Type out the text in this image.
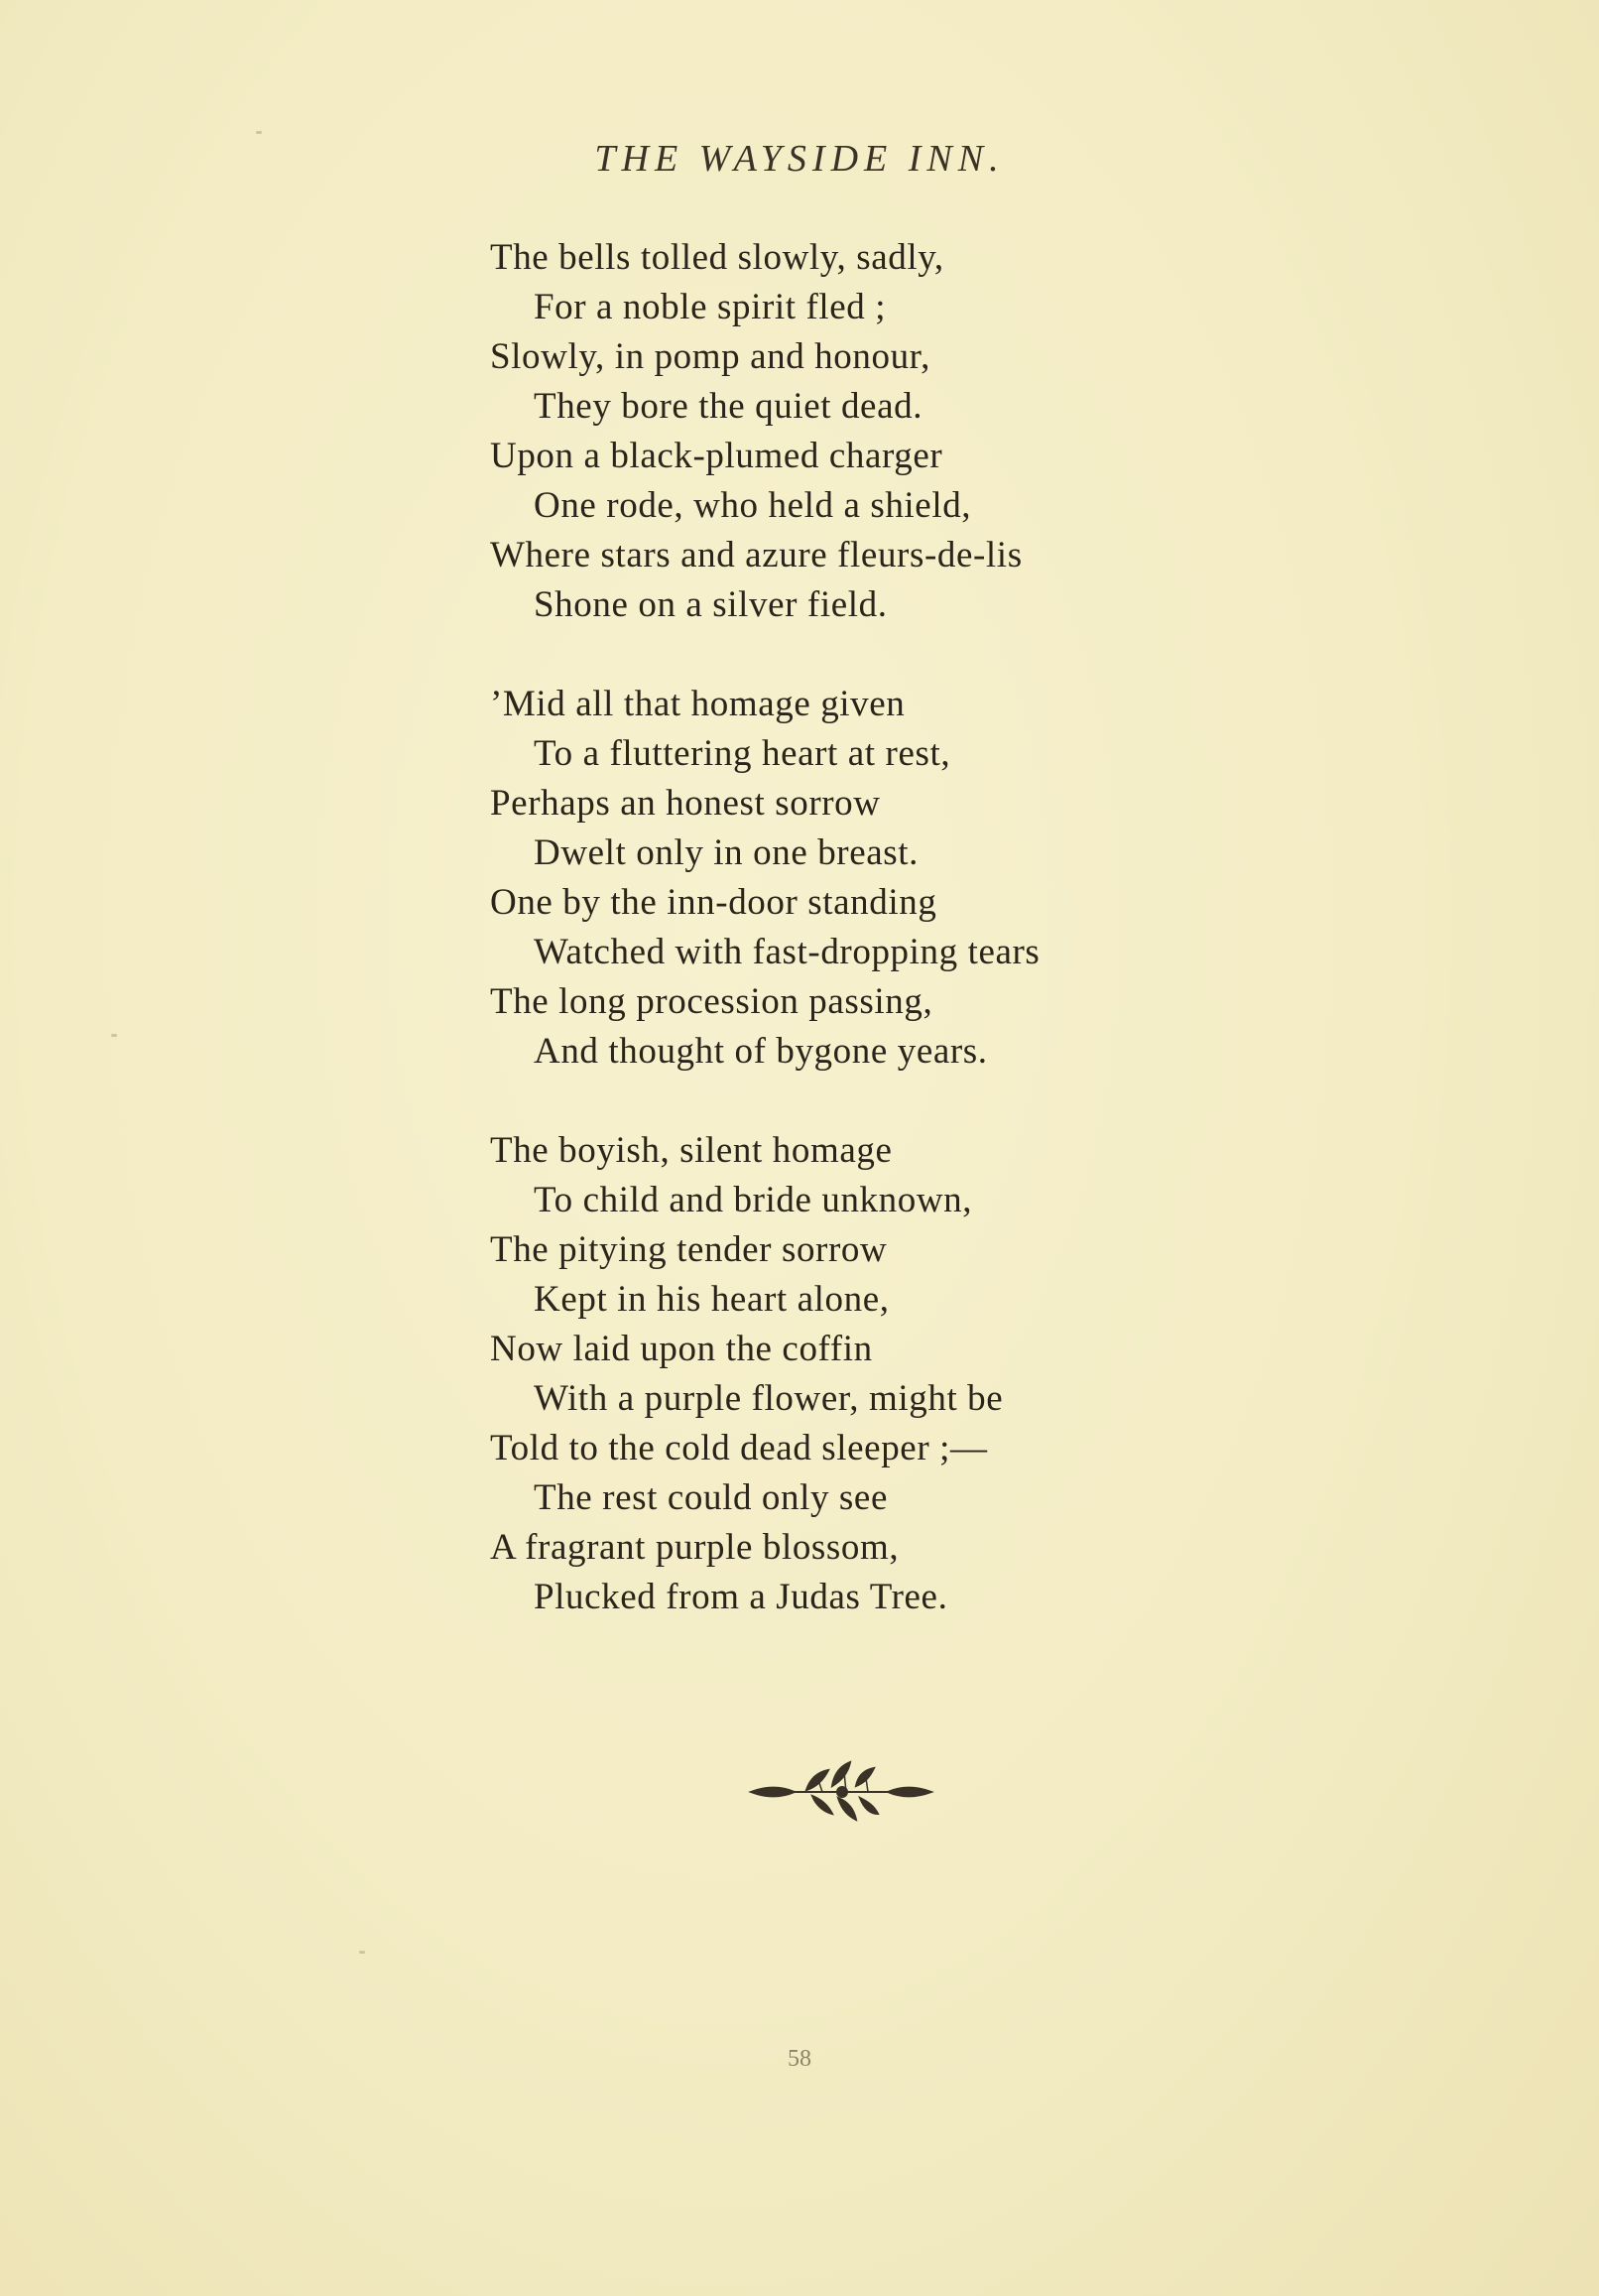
THE WAYSIDE INN.
The bells tolled slowly, sadly,
For a noble spirit fled ;
Slowly, in pomp and honour,
They bore the quiet dead.
Upon a black-plumed charger
One rode, who held a shield,
Where stars and azure fleurs-de-lis
Shone on a silver field.
’Mid all that homage given
To a fluttering heart at rest,
Perhaps an honest sorrow
Dwelt only in one breast.
One by the inn-door standing
Watched with fast-dropping tears
The long procession passing,
And thought of bygone years.
The boyish, silent homage
To child and bride unknown,
The pitying tender sorrow
Kept in his heart alone,
Now laid upon the coffin
With a purple flower, might be
Told to the cold dead sleeper ;—
The rest could only see
A fragrant purple blossom,
Plucked from a Judas Tree.
58
